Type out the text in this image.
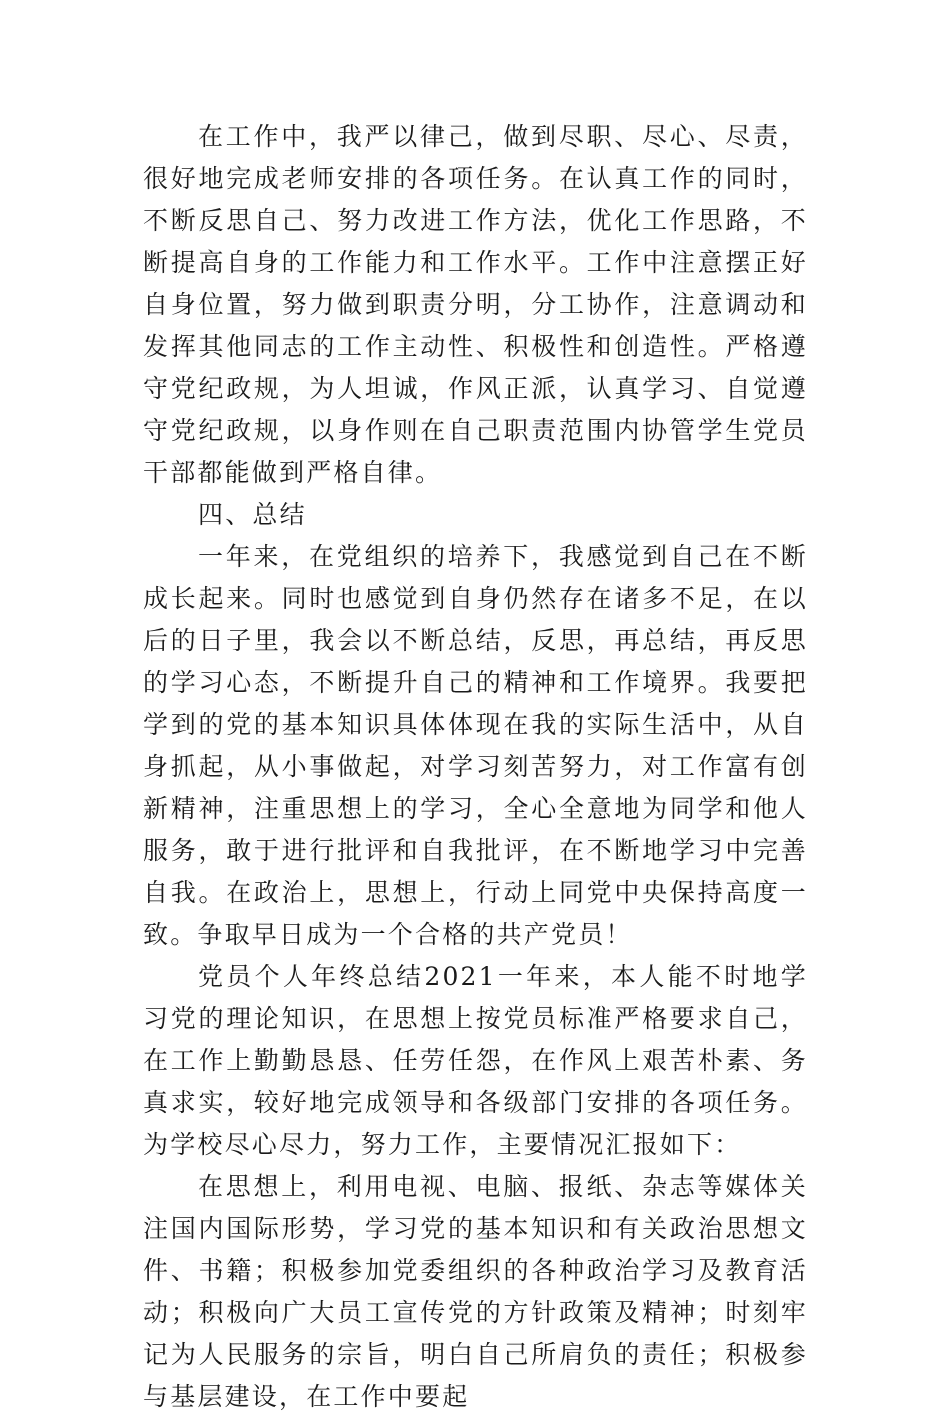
在工作中，我严以律己，做到尽职、尽心、尽责，很好地完成老师安排的各项任务。在认真工作的同时，不断反思自己、努力改进工作方法，优化工作思路，不断提高自身的工作能力和工作水平。工作中注意摆正好自身位置，努力做到职责分明，分工协作，注意调动和发挥其他同志的工作主动性、积极性和创造性。严格遵守党纪政规，为人坦诚，作风正派，认真学习、自觉遵守党纪政规，以身作则在自己职责范围内协管学生党员干部都能做到严格自律。

四、总结

一年来，在党组织的培养下，我感觉到自己在不断成长起来。同时也感觉到自身仍然存在诸多不足，在以后的日子里，我会以不断总结，反思，再总结，再反思的学习心态，不断提升自己的精神和工作境界。我要把学到的党的基本知识具体体现在我的实际生活中，从自身抓起，从小事做起，对学习刻苦努力，对工作富有创新精神，注重思想上的学习，全心全意地为同学和他人服务，敢于进行批评和自我批评，在不断地学习中完善自我。在政治上，思想上，行动上同党中央保持高度一致。争取早日成为一个合格的共产党员！

党员个人年终总结2021一年来，本人能不时地学习党的理论知识，在思想上按党员标准严格要求自己，在工作上勤勤恳恳、任劳任怨，在作风上艰苦朴素、务真求实，较好地完成领导和各级部门安排的各项任务。为学校尽心尽力，努力工作，主要情况汇报如下：

在思想上，利用电视、电脑、报纸、杂志等媒体关注国内国际形势，学习党的基本知识和有关政治思想文件、书籍；积极参加党委组织的各种政治学习及教育活动；积极向广大员工宣传党的方针政策及精神；时刻牢记为人民服务的宗旨，明白自己所肩负的责任；积极参与基层建设，在工作中要起
